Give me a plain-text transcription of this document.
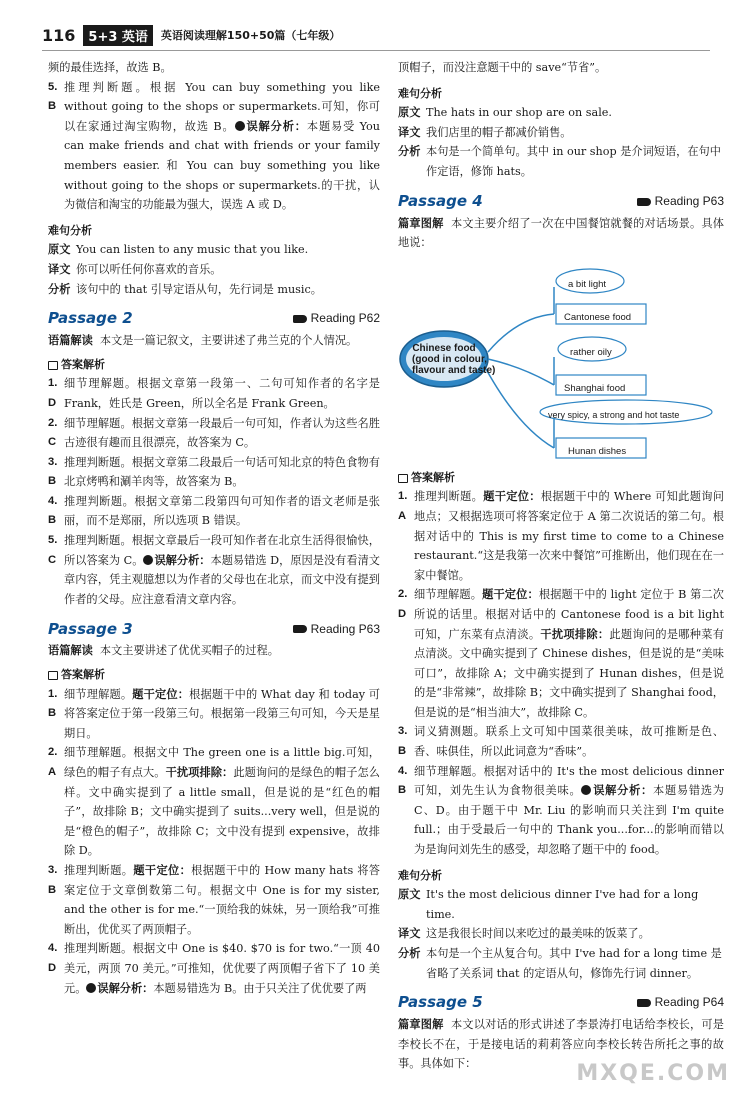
116	5+3 英语	英语阅读理解150+50篇（七年级）

频的最佳选择，故选 B。

5. B
推理判断题。根据 You can buy something you like without going to the shops or supermarkets.可知，你可以在家通过淘宝购物，故选 B。 误解分析：本题易受 You can make friends and chat with friends or your family members easier. 和 You can buy something you like without going to the shops or supermarkets.的干扰，认为微信和淘宝的功能最为强大，误选 A 或 D。
难句分析
原文 You can listen to any music that you like.
译文 你可以听任何你喜欢的音乐。
分析 该句中的 that 引导定语从句，先行词是 music。
Passage 2	Reading P62

语篇解读 本文是一篇记叙文，主要讲述了弗兰克的个人情况。

答案解析
1. D
细节理解题。根据文章第一段第一、二句可知作者的名字是 Frank，姓氏是 Green，所以全名是 Frank Green。
2. C
细节理解题。根据文章第一段最后一句可知，作者认为这些名胜古迹很有趣而且很漂亮，故答案为 C。
3. B
推理判断题。根据文章第二段最后一句话可知北京的特色食物有北京烤鸭和涮羊肉等，故答案为 B。
4. B
推理判断题。根据文章第二段第四句可知作者的语文老师是张丽，而不是郑丽，所以选项 B 错误。
5. C
推理判断题。根据文章最后一段可知作者在北京生活得很愉快，所以答案为 C。 误解分析：本题易错选 D，原因是没有看清文章内容，凭主观臆想以为作者的父母也在北京，而文中没有提到作者的父母。应注意看清文章内容。
Passage 3	Reading P63

语篇解读 本文主要讲述了优优买帽子的过程。

答案解析
1. B
细节理解题。题干定位：根据题干中的 What day 和 today 可将答案定位于第一段第三句。根据第一段第三句可知，今天是星期日。
2. A
细节理解题。根据文中 The green one is a little big.可知，绿色的帽子有点大。干扰项排除：此题询问的是绿色的帽子怎么样。文中确实提到了 a little small，但是说的是“红色的帽子”，故排除 B；文中确实提到了 suits...very well，但是说的是“橙色的帽子”，故排除 C；文中没有提到 expensive，故排除 D。
3. B
推理判断题。题干定位：根据题干中的 How many hats 将答案定位于文章倒数第二句。根据文中 One is for my sister, and the other is for me.“一顶给我的妹妹，另一顶给我”可推断出，优优买了两顶帽子。
4. D
推理判断题。根据文中 One is $40. $70 is for two.“一顶 40 美元，两顶 70 美元。”可推知，优优要了两顶帽子省下了 10 美元。 误解分析：本题易错选为 B。由于只关注了优优要了两

顶帽子，而没注意题干中的 save“节省”。

难句分析
原文 The hats in our shop are on sale.
译文 我们店里的帽子都减价销售。
分析 本句是一个简单句。其中 in our shop 是介词短语，在句中作定语，修饰 hats。
Passage 4	Reading P63

篇章图解 本文主要介绍了一次在中国餐馆就餐的对话场景。具体地说：

Chinese food
(good in colour,
flavour and taste)
a bit light
Cantonese food
rather oily
Shanghai food
very spicy, a strong and hot taste
Hunan dishes
答案解析
1. A
推理判断题。题干定位：根据题干中的 Where 可知此题询问地点；又根据选项可将答案定位于 A 第二次说话的第二句。根据对话中的 This is my first time to come to a Chinese restaurant.“这是我第一次来中餐馆”可推断出，他们现在在一家中餐馆。
2. D
细节理解题。题干定位：根据题干中的 light 定位于 B 第二次所说的话里。根据对话中的 Cantonese food is a bit light 可知，广东菜有点清淡。干扰项排除：此题询问的是哪种菜有点清淡。文中确实提到了 Chinese dishes，但是说的是“美味可口”，故排除 A；文中确实提到了 Hunan dishes，但是说的是“非常辣”，故排除 B；文中确实提到了 Shanghai food，但是说的是“相当油大”，故排除 C。
3. B
词义猜测题。联系上文可知中国菜很美味，故可推断是色、香、味俱佳，所以此词意为“香味”。
4. B
细节理解题。根据对话中的 It's the most delicious dinner 可知，刘先生认为食物很美味。 误解分析：本题易错选为 C、D。由于题干中 Mr. Liu 的影响而只关注到 I'm quite full.；由于受最后一句中的 Thank you...for...的影响而错以为是询问刘先生的感受，却忽略了题干中的 food。
难句分析
原文 It's the most delicious dinner I've had for a long time.
译文 这是我很长时间以来吃过的最美味的饭菜了。
分析 本句是一个主从复合句。其中 I've had for a long time 是省略了关系词 that 的定语从句，修饰先行词 dinner。
Passage 5	Reading P64

篇章图解 本文以对话的形式讲述了李景涛打电话给李校长，可是李校长不在，于是接电话的莉莉答应向李校长转告所托之事的故事。具体如下：	MXQE.COM
